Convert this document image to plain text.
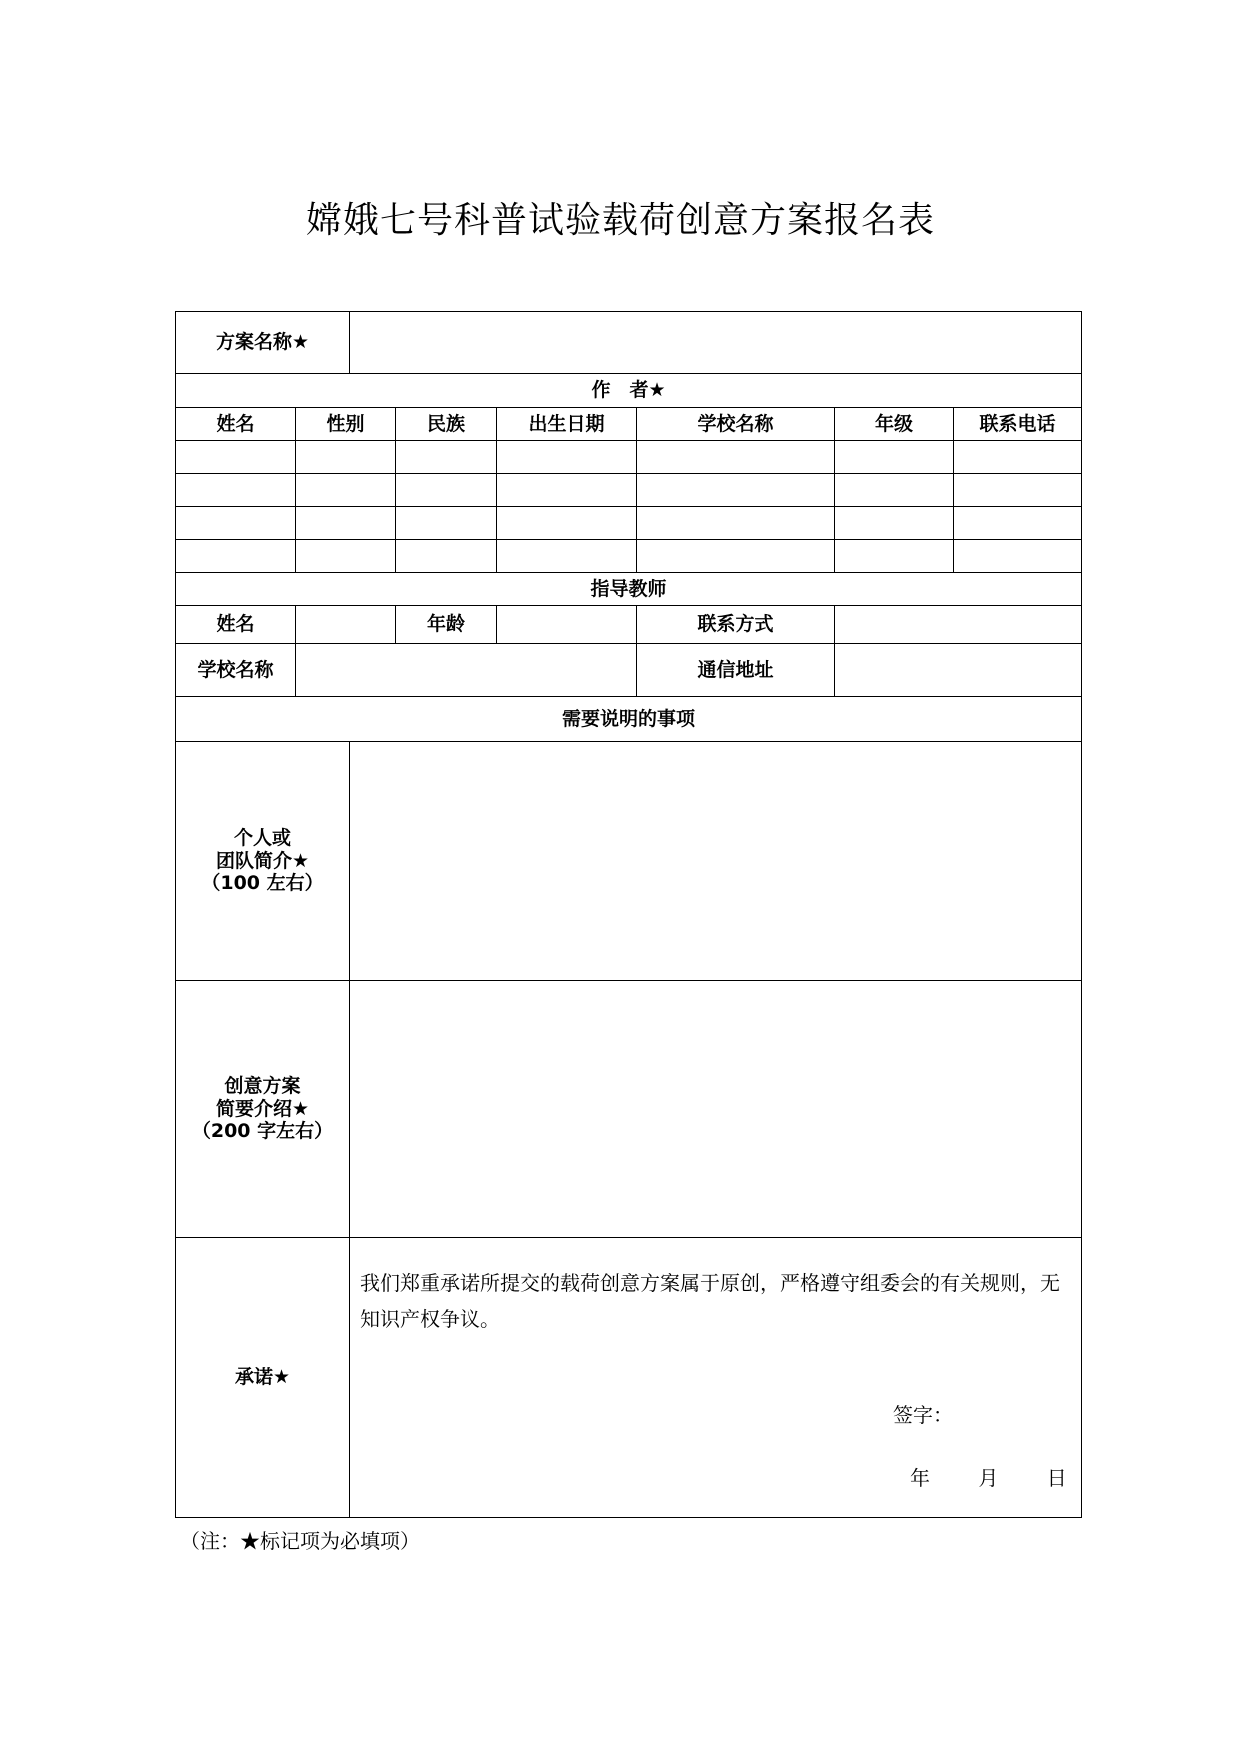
嫦娥七号科普试验载荷创意方案报名表
方案名称★							
作　者★							
姓名	性别		民族	出生日期	学校名称	年级	联系电话

指导教师							
姓名			年龄		联系方式		
学校名称					通信地址		
需要说明的事项							

个人或
团队简介★
（100 左右）							

创意方案
简要介绍★
（200 字左右）							

承诺★		我们郑重承诺所提交的载荷创意方案属于原创，严格遵守组委会的有关规则，无知识产权争议。
签字：
年　 月　 日					
（注：★标记项为必填项）
